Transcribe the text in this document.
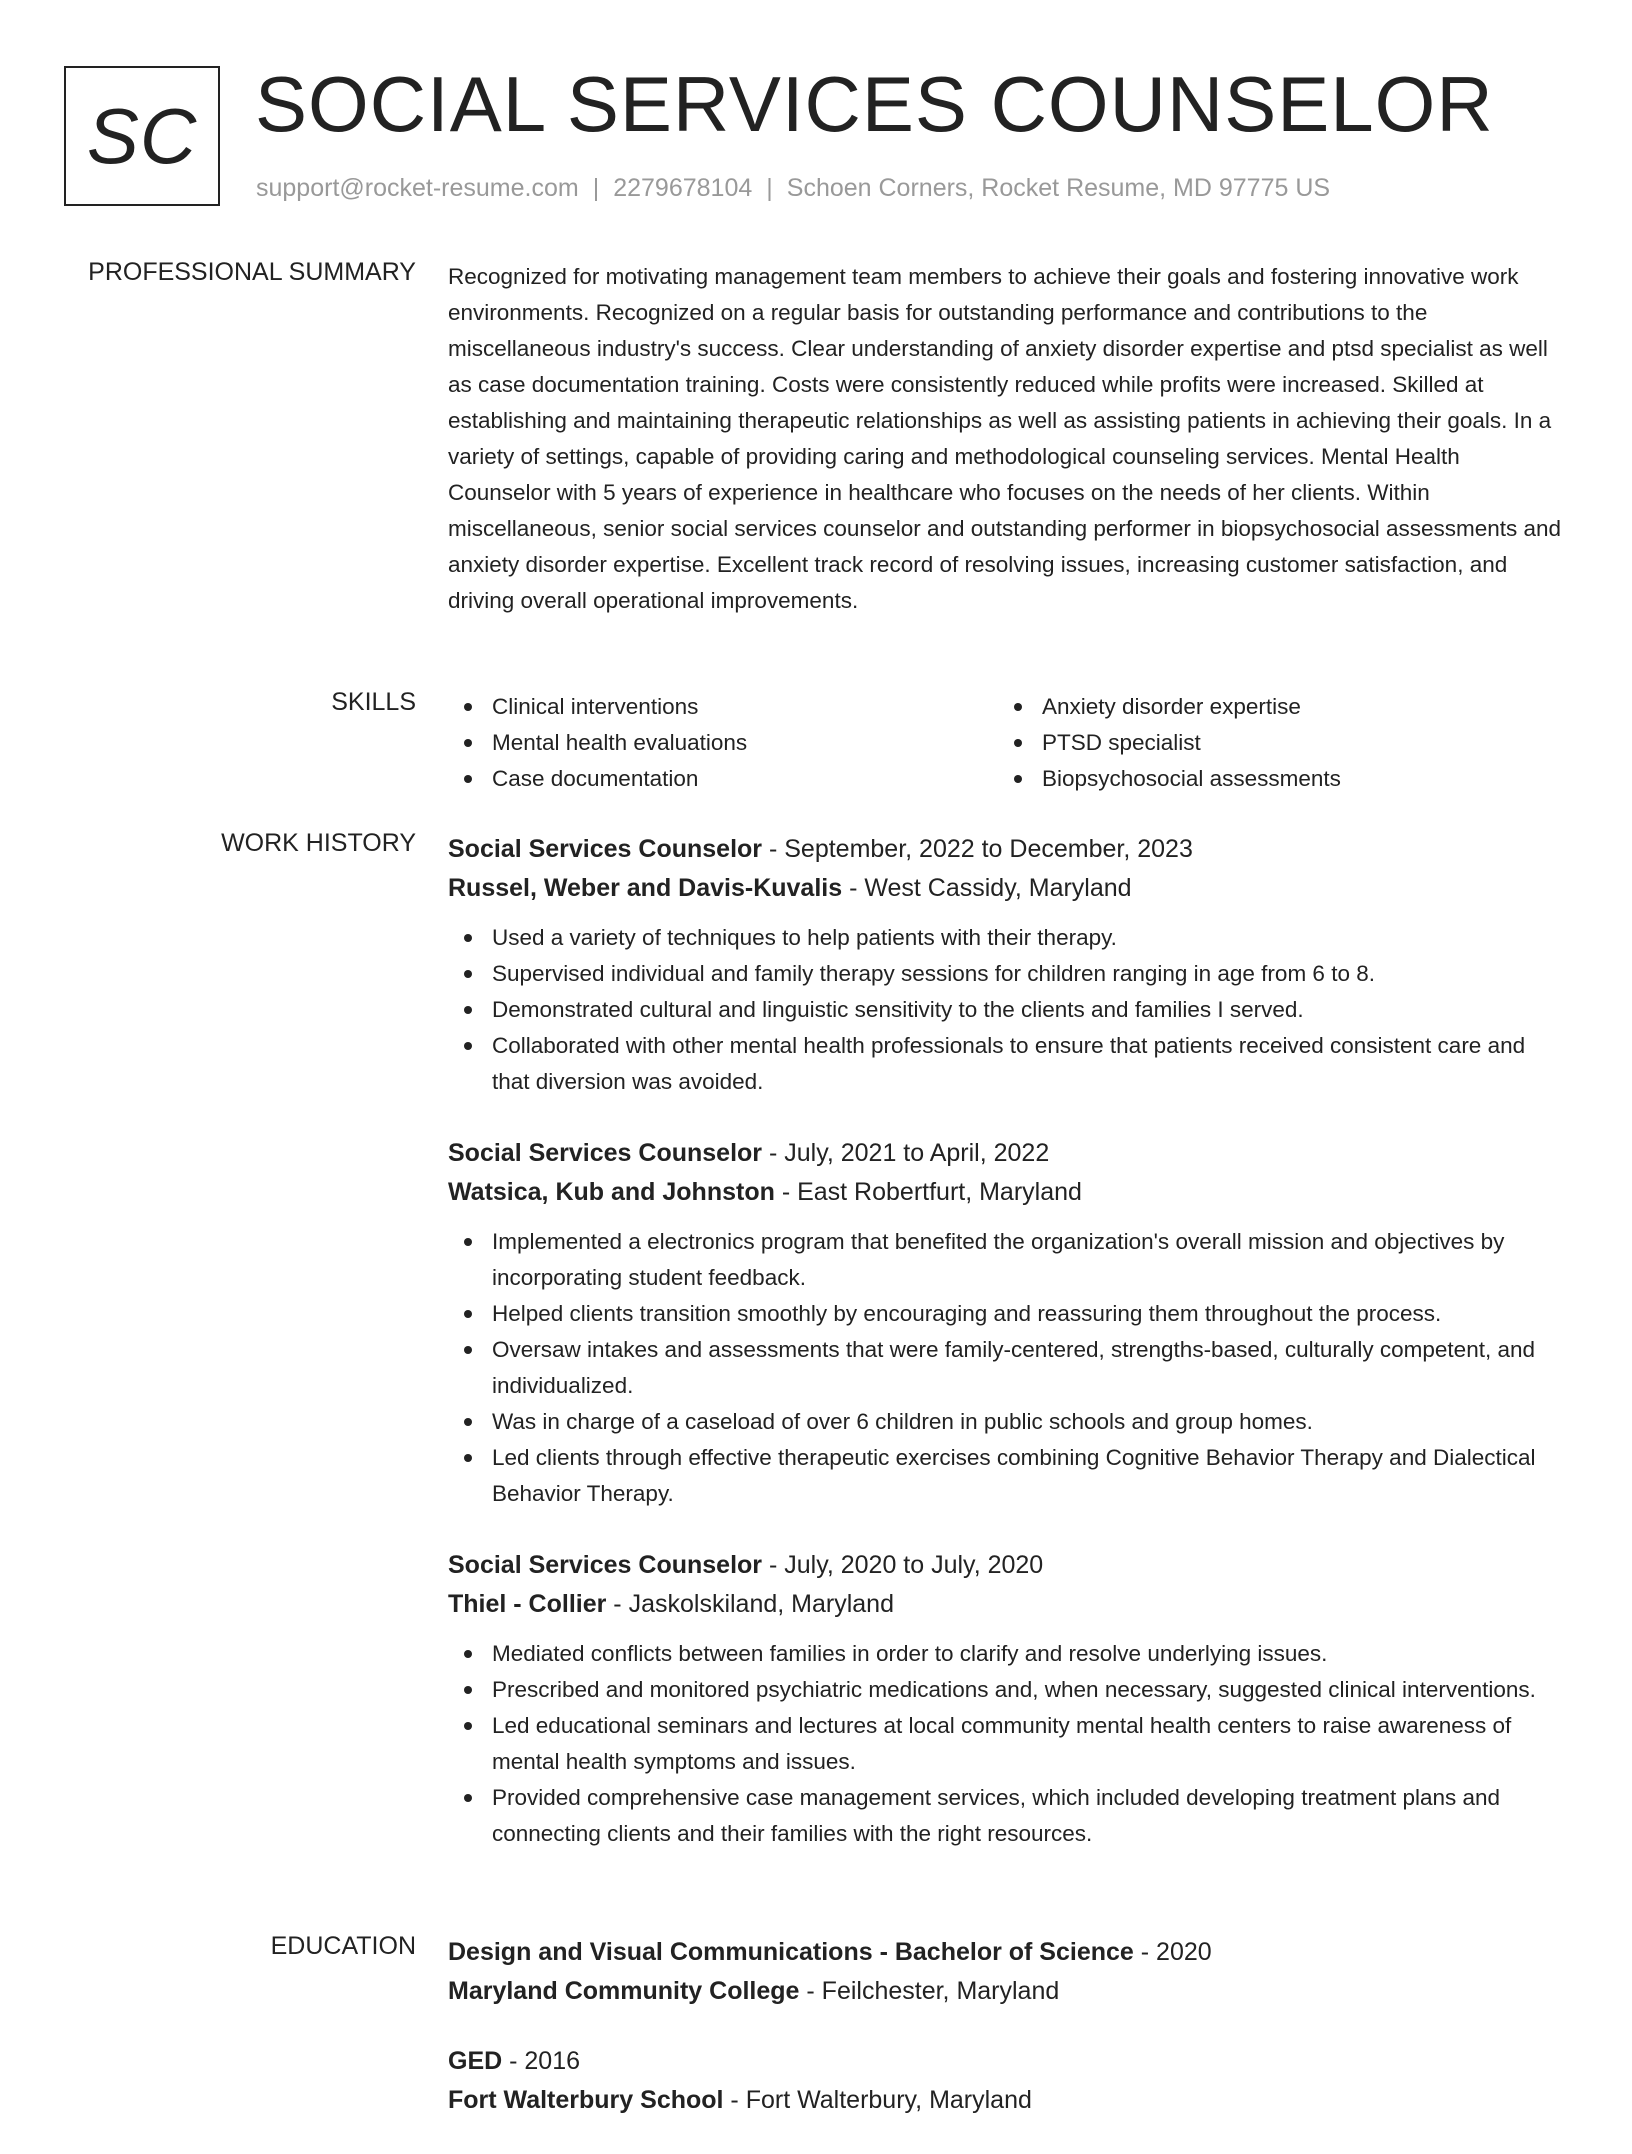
SC SOCIAL SERVICES COUNSELOR
support@rocket-resume.com | 2279678104 | Schoen Corners, Rocket Resume, MD 97775 US
PROFESSIONAL SUMMARY Recognized for motivating management team members to achieve their goals and fostering innovative work environments. Recognized on a regular basis for outstanding performance and contributions to the miscellaneous industry's success. Clear understanding of anxiety disorder expertise and ptsd specialist as well as case documentation training. Costs were consistently reduced while profits were increased. Skilled at establishing and maintaining therapeutic relationships as well as assisting patients in achieving their goals. In a variety of settings, capable of providing caring and methodological counseling services. Mental Health Counselor with 5 years of experience in healthcare who focuses on the needs of her clients. Within miscellaneous, senior social services counselor and outstanding performer in biopsychosocial assessments and anxiety disorder expertise. Excellent track record of resolving issues, increasing customer satisfaction, and driving overall operational improvements.

SKILLS	Clinical interventions
Mental health evaluations
Case documentation
Anxiety disorder expertise
PTSD specialist
Biopsychosocial assessments
WORK HISTORY Social Services Counselor - September, 2022 to December, 2023
Russel, Weber and Davis-Kuvalis - West Cassidy, Maryland
Used a variety of techniques to help patients with their therapy.
Supervised individual and family therapy sessions for children ranging in age from 6 to 8.
Demonstrated cultural and linguistic sensitivity to the clients and families I served.
Collaborated with other mental health professionals to ensure that patients received consistent care and that diversion was avoided.
Social Services Counselor - July, 2021 to April, 2022
Watsica, Kub and Johnston - East Robertfurt, Maryland
Implemented a electronics program that benefited the organization's overall mission and objectives by incorporating student feedback.
Helped clients transition smoothly by encouraging and reassuring them throughout the process.
Oversaw intakes and assessments that were family-centered, strengths-based, culturally competent, and individualized.
Was in charge of a caseload of over 6 children in public schools and group homes.
Led clients through effective therapeutic exercises combining Cognitive Behavior Therapy and Dialectical Behavior Therapy.
Social Services Counselor - July, 2020 to July, 2020
Thiel - Collier - Jaskolskiland, Maryland
Mediated conflicts between families in order to clarify and resolve underlying issues.
Prescribed and monitored psychiatric medications and, when necessary, suggested clinical interventions.
Led educational seminars and lectures at local community mental health centers to raise awareness of mental health symptoms and issues.
Provided comprehensive case management services, which included developing treatment plans and connecting clients and their families with the right resources.
EDUCATION Design and Visual Communications - Bachelor of Science - 2020
Maryland Community College - Feilchester, Maryland
GED - 2016
Fort Walterbury School - Fort Walterbury, Maryland
